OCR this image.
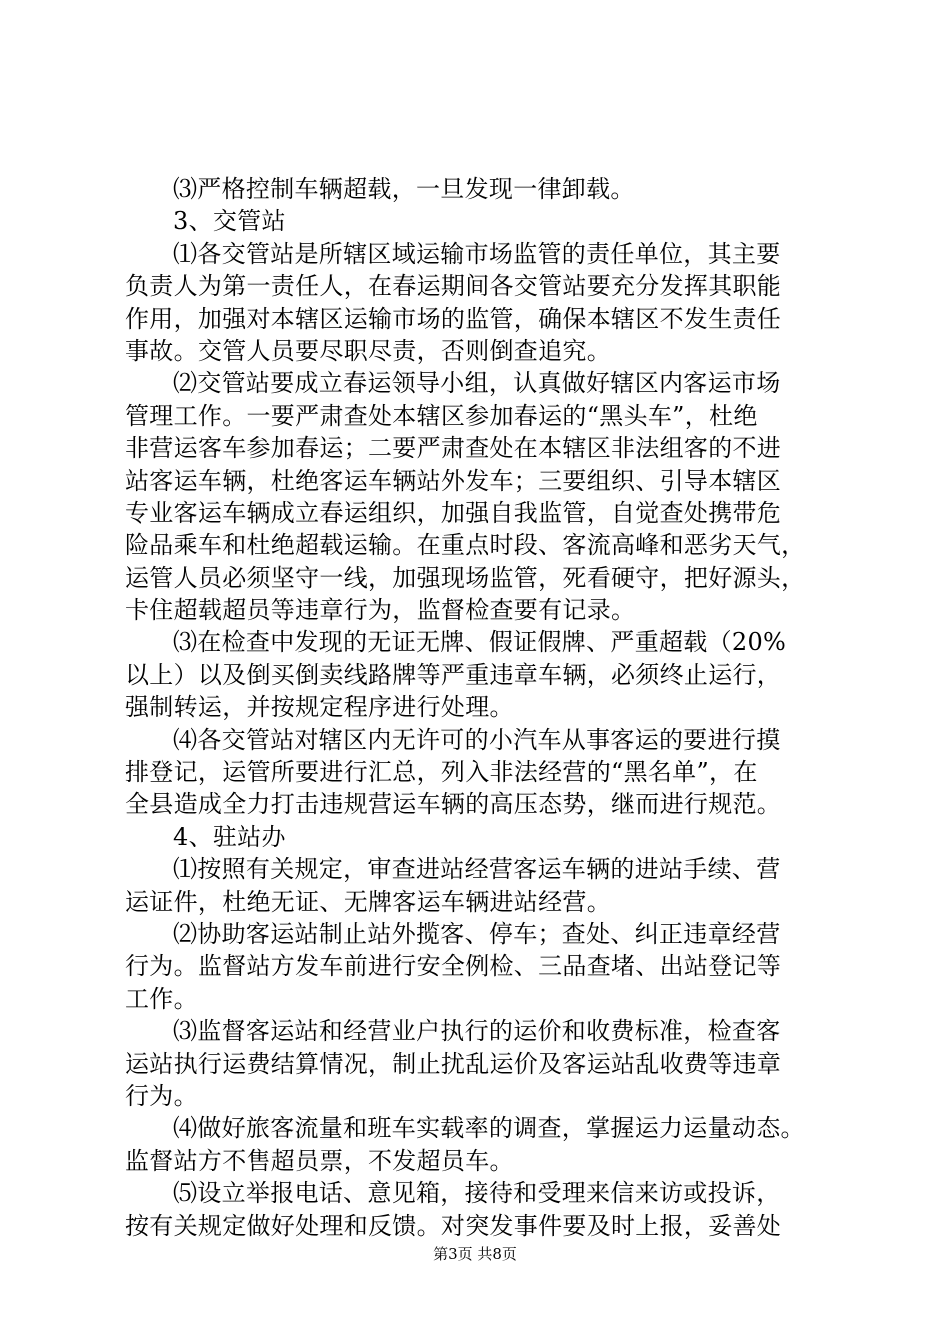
⑶严格控制车辆超载，一旦发现一律卸载。
3、交管站
⑴各交管站是所辖区域运输市场监管的责任单位，其主要
负责人为第一责任人，在春运期间各交管站要充分发挥其职能
作用，加强对本辖区运输市场的监管，确保本辖区不发生责任
事故。交管人员要尽职尽责，否则倒查追究。
⑵交管站要成立春运领导小组，认真做好辖区内客运市场
管理工作。一要严肃查处本辖区参加春运的“黑头车”，杜绝
非营运客车参加春运；二要严肃查处在本辖区非法组客的不进
站客运车辆，杜绝客运车辆站外发车；三要组织、引导本辖区
专业客运车辆成立春运组织，加强自我监管，自觉查处携带危
险品乘车和杜绝超载运输。在重点时段、客流高峰和恶劣天气，
运管人员必须坚守一线，加强现场监管，死看硬守，把好源头，
卡住超载超员等违章行为，监督检查要有记录。
⑶在检查中发现的无证无牌、假证假牌、严重超载（20%
以上）以及倒买倒卖线路牌等严重违章车辆，必须终止运行，
强制转运，并按规定程序进行处理。
⑷各交管站对辖区内无许可的小汽车从事客运的要进行摸
排登记，运管所要进行汇总，列入非法经营的“黑名单”，在
全县造成全力打击违规营运车辆的高压态势，继而进行规范。
4、驻站办
⑴按照有关规定，审查进站经营客运车辆的进站手续、营
运证件，杜绝无证、无牌客运车辆进站经营。
⑵协助客运站制止站外揽客、停车；查处、纠正违章经营
行为。监督站方发车前进行安全例检、三品查堵、出站登记等
工作。
⑶监督客运站和经营业户执行的运价和收费标准，检查客
运站执行运费结算情况，制止扰乱运价及客运站乱收费等违章
行为。
⑷做好旅客流量和班车实载率的调查，掌握运力运量动态。
监督站方不售超员票，不发超员车。
⑸设立举报电话、意见箱，接待和受理来信来访或投诉，
按有关规定做好处理和反馈。对突发事件要及时上报，妥善处
第3页 共8页
